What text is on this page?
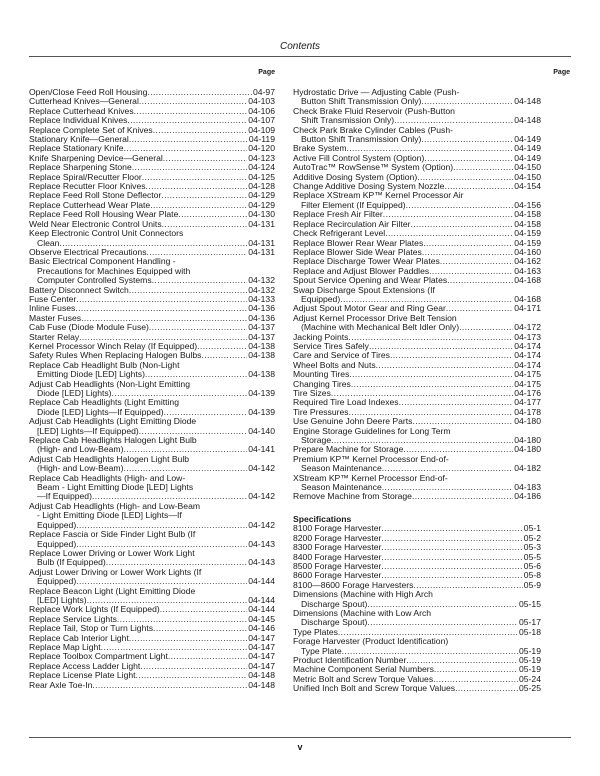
Contents
Page
Open/Close Feed Roll Housing . . .	04-97
Cutterhead Knives—General . . .	04-103
Replace Cutterhead Knives . . .	04-106
Replace Individual Knives . . .	04-107
Replace Complete Set of Knives . . .	04-109
Stationary Knife—General . . .	04-119
Replace Stationary Knife . . .	04-120
Knife Sharpening Device—General . . .	04-123
Replace Sharpening Stone . . .	04-124
Replace Spiral/Recutter Floor . . .	04-125
Replace Recutter Floor Knives . . .	04-128
Replace Feed Roll Stone Deflector . . .	04-129
Replace Cutterhead Wear Plate . . .	04-129
Replace Feed Roll Housing Wear Plate . . .	04-130
Weld Near Electronic Control Units . . .	04-131
Keep Electronic Control Unit Connectors
Clean . . .	04-131
Observe Electrical Precautions . . .	04-131
Basic Electrical Component Handling -
Precautions for Machines Equipped with
Computer Controlled Systems . . .	04-132
Battery Disconnect Switch . . .	04-132
Fuse Center . . .	04-133
Inline Fuses . . .	04-136
Master Fuses . . .	04-136
Cab Fuse (Diode Module Fuse) . . .	04-137
Starter Relay . . .	04-137
Kernel Processor Winch Relay (If Equipped) . . .	04-138
Safety Rules When Replacing Halogen Bulbs . . .	04-138
Replace Cab Headlight Bulb (Non-Light
Emitting Diode [LED] Lights) . . .	04-138
Adjust Cab Headlights (Non-Light Emitting
Diode [LED] Lights) . . .	04-139
Replace Cab Headlights (Light Emitting
Diode [LED] Lights—If Equipped) . . .	04-139
Adjust Cab Headlights (Light Emitting Diode
[LED] Lights—If Equipped) . . .	04-140
Replace Cab Headlights Halogen Light Bulb
(High- and Low-Beam) . . .	04-141
Adjust Cab Headlights Halogen Light Bulb
(High- and Low-Beam) . . .	04-142
Replace Cab Headlights (High- and Low-
Beam - Light Emitting Diode [LED] Lights
—If Equipped) . . .	04-142
Adjust Cab Headlights (High- and Low-Beam
- Light Emitting Diode [LED] Lights—If
Equipped) . . .	04-142
Replace Fascia or Side Finder Light Bulb (If
Equipped) . . .	04-143
Replace Lower Driving or Lower Work Light
Bulb (If Equipped) . . .	04-143
Adjust Lower Driving or Lower Work Lights (If
Equipped) . . .	04-144
Replace Beacon Light (Light Emitting Diode
[LED] Lights) . . .	04-144
Replace Work Lights (If Equipped) . . .	04-144
Replace Service Lights . . .	04-145
Replace Tail, Stop or Turn Lights . . .	04-146
Replace Cab Interior Light . . .	04-147
Replace Map Light . . .	04-147
Replace Toolbox Compartment Light . . .	04-147
Replace Access Ladder Light . . .	04-147
Replace License Plate Light . . .	04-148
Rear Axle Toe-In . . .	04-148
Page
Hydrostatic Drive — Adjusting Cable (Push-
Button Shift Transmission Only) . . .	04-148
Check Brake Fluid Reservoir (Push-Button
Shift Transmission Only) . . .	04-148
Check Park Brake Cylinder Cables (Push-
Button Shift Transmission Only) . . .	04-149
Brake System . . .	04-149
Active Fill Control System (Option) . . .	04-149
AutoTrac™ RowSense™ System (Option) . . .	04-150
Additive Dosing System (Option) . . .	04-150
Change Additive Dosing System Nozzle . . .	04-154
Replace XStream KP™ Kernel Processor Air
Filter Element (If Equipped) . . .	04-156
Replace Fresh Air Filter . . .	04-158
Replace Recirculation Air Filter . . .	04-158
Check Refrigerant Level . . .	04-159
Replace Blower Rear Wear Plates . . .	04-159
Replace Blower Side Wear Plates . . .	04-160
Replace Discharge Tower Wear Plates . . .	04-162
Replace and Adjust Blower Paddles . . .	04-163
Spout Service Opening and Wear Plates . . .	04-168
Swap Discharge Spout Extensions (If
Equipped) . . .	04-168
Adjust Spout Motor Gear and Ring Gear . . .	04-171
Adjust Kernel Processor Drive Belt Tension
(Machine with Mechanical Belt Idler Only) . . .	04-172
Jacking Points . . .	04-173
Service Tires Safely . . .	04-174
Care and Service of Tires . . .	04-174
Wheel Bolts and Nuts . . .	04-174
Mounting Tires . . .	04-175
Changing Tires . . .	04-175
Tire Sizes . . .	04-176
Required Tire Load Indexes . . .	04-177
Tire Pressures . . .	04-178
Use Genuine John Deere Parts . . .	04-180
Engine Storage Guidelines for Long Term
Storage . . .	04-180
Prepare Machine for Storage . . .	04-180
Premium KP™ Kernel Processor End-of-
Season Maintenance . . .	04-182
XStream KP™ Kernel Processor End-of-
Season Maintenance . . .	04-183
Remove Machine from Storage . . .	04-186
Specifications
8100 Forage Harvester . . .	05-1
8200 Forage Harvester . . .	05-2
8300 Forage Harvester . . .	05-3
8400 Forage Harvester . . .	05-5
8500 Forage Harvester . . .	05-6
8600 Forage Harvester . . .	05-8
8100—8600 Forage Harvesters . . .	05-9
Dimensions (Machine with High Arch
Discharge Spout) . . .	05-15
Dimensions (Machine with Low Arch
Discharge Spout) . . .	05-17
Type Plates . . .	05-18
Forage Harvester (Product Identification)
Type Plate . . .	05-19
Product Identification Number . . .	05-19
Machine Component Serial Numbers . . .	05-19
Metric Bolt and Screw Torque Values . . .	05-24
Unified Inch Bolt and Screw Torque Values . . .	05-25
v
